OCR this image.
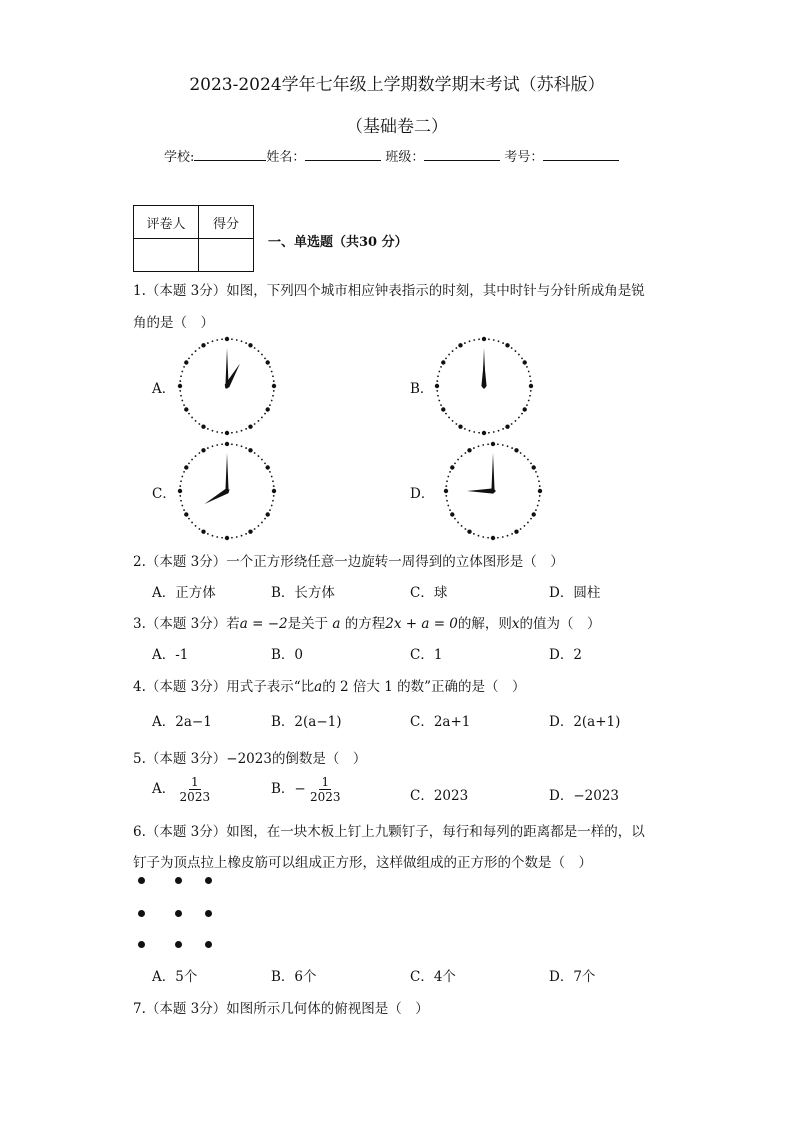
2023-2024学年七年级上学期数学期末考试（苏科版）
（基础卷二）
学校:	姓名：	班级：	考号：
评卷人	得分

一、单选题（共30 分）
1.（本题 3分）如图，下列四个城市相应钟表指示的时刻，其中时针与分针所成角是锐
角的是（　）
A．	B．
C．	D．
2.（本题 3分）一个正方形绕任意一边旋转一周得到的立体图形是（　）
A．正方体	B．长方体	C．球	D．圆柱
3.（本题 3分）若a = −2是关于 a 的方程2x + a = 0的解，则x的值为（　）
A．-1	B．0	C．1	D．2
4.（本题 3分）用式子表示“比a的 2 倍大 1 的数”正确的是（　）
A．2a−1	B．2(a−1)	C．2a+1	D．2(a+1)
5.（本题 3分）−2023的倒数是（　）
A． $\frac{1}{2023}$	B．− $\frac{1}{2023}$	C．2023	D．−2023
6.（本题 3分）如图，在一块木板上钉上九颗钉子，每行和每列的距离都是一样的，以
钉子为顶点拉上橡皮筋可以组成正方形，这样做组成的正方形的个数是（　）
A．5个	B．6个	C．4个	D．7个
7.（本题 3分）如图所示几何体的俯视图是（　）
